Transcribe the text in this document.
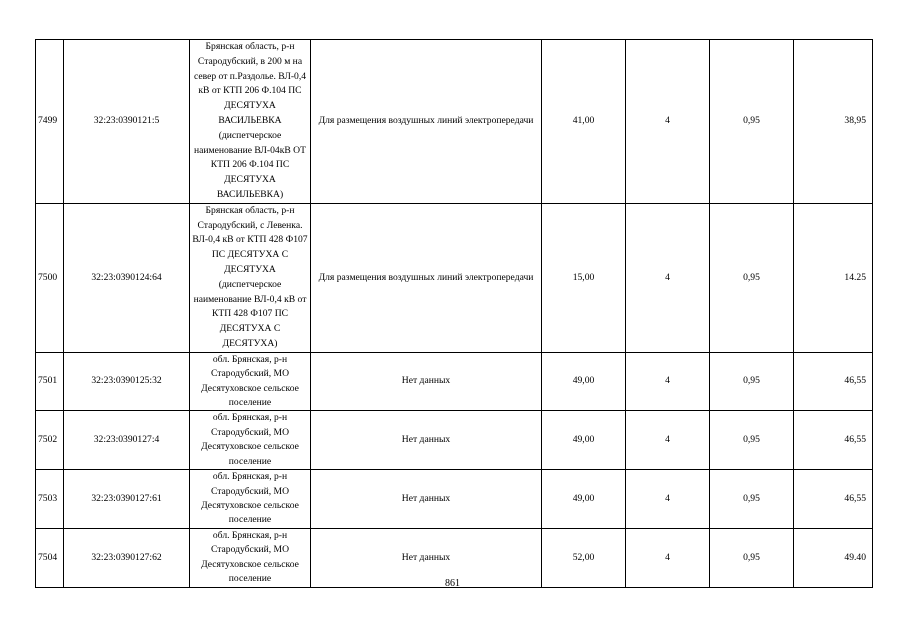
7499	32:23:0390121:5	Брянская область, р-н Стародубский, в 200 м на север от п.Раздолье. ВЛ-0,4 кВ от КТП 206 Ф.104 ПС ДЕСЯТУХА ВАСИЛЬЕВКА (диспетчерское наименование ВЛ-04кВ ОТ КТП 206 Ф.104 ПС ДЕСЯТУХА ВАСИЛЬЕВКА)	Для размещения воздушных линий электропередачи	41,00	4	0,95	38,95
7500	32:23:0390124:64	Брянская область, р-н Стародубский, с Левенка. ВЛ-0,4 кВ от КТП 428 Ф107 ПС ДЕСЯТУХА С ДЕСЯТУХА (диспетчерское наименование ВЛ-0,4 кВ от КТП 428 Ф107 ПС ДЕСЯТУХА С ДЕСЯТУХА)	Для размещения воздушных линий электропередачи	15,00	4	0,95	14.25
7501	32:23:0390125:32	обл. Брянская, р-н Стародубский, МО Десятуховское сельское поселение	Нет данных	49,00	4	0,95	46,55
7502	32:23:0390127:4	обл. Брянская, р-н Стародубский, МО Десятуховское сельское поселение	Нет данных	49,00	4	0,95	46,55
7503	32:23:0390127:61	обл. Брянская, р-н Стародубский, МО Десятуховское сельское поселение	Нет данных	49,00	4	0,95	46,55
7504	32:23:0390127:62	обл. Брянская, р-н Стародубский, МО Десятуховское сельское поселение	Нет данных	52,00	4	0,95	49.40
861
